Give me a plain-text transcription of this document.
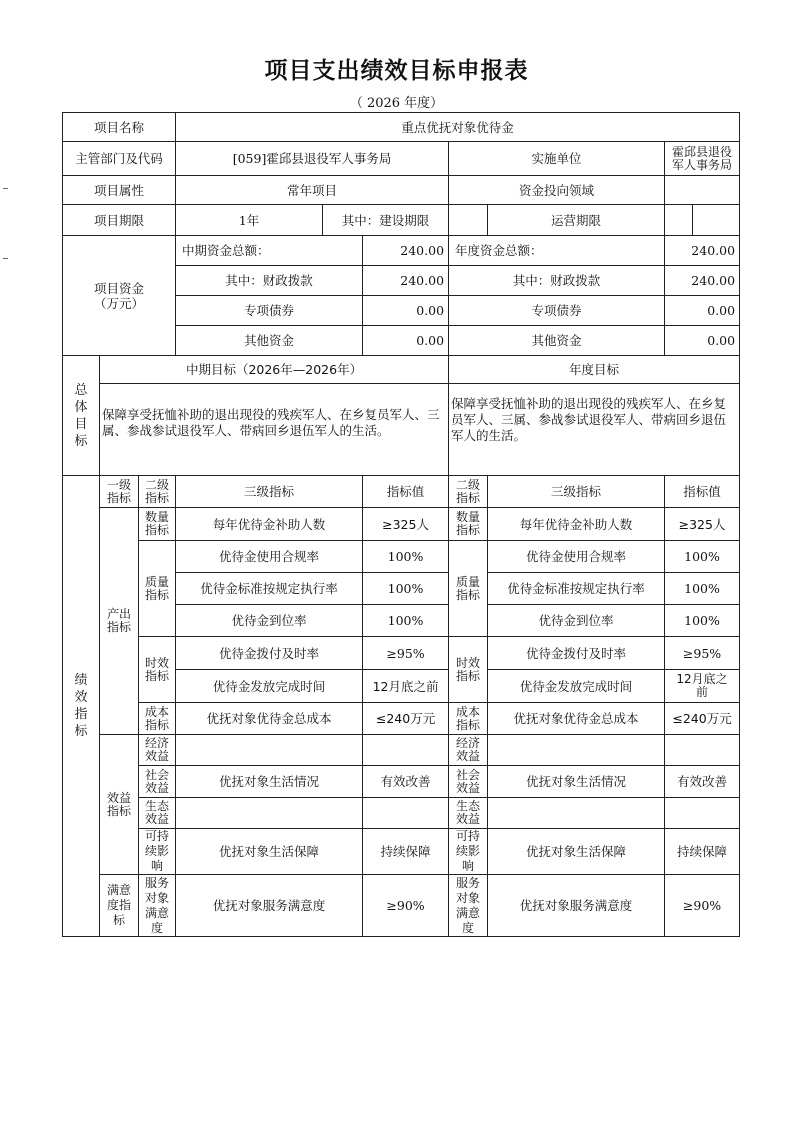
项目支出绩效目标申报表
（ 2026 年度）
项目名称			重点优抚对象优待金				
主管部门及代码			[059]霍邱县退役军人事务局		实施单位		霍邱县退役军人事务局
项目属性			常年项目		资金投向领域		
项目期限			1年 其中：建设期限			运营期限	

项目资金
（万元）			中期资金总额：	240.00	年度资金总额：		240.00
			其中：财政拨款	240.00	其中：财政拨款		240.00
			专项债券	0.00	专项债券		0.00
			其他资金	0.00	其他资金		0.00

总体目标	中期目标（2026年—2026年）				年度目标		
	保障享受抚恤补助的退出现役的残疾军人、在乡复员军人、三属、参战参试退役军人、带病回乡退伍军人的生活。				保障享受抚恤补助的退出现役的残疾军人、在乡复员军人、三属、参战参试退役军人、带病回乡退伍军人的生活。		

绩效指标	一级指标	二级指标	三级指标	指标值	二级指标	三级指标	指标值

	产出指标	数量指标	每年优待金补助人数	≥325人	数量指标	每年优待金补助人数	≥325人

		质量指标	优待金使用合规率	100%	质量指标	优待金使用合规率	100%
			优待金标准按规定执行率	100%		优待金标准按规定执行率	100%
			优待金到位率	100%		优待金到位率	100%

		时效指标	优待金拨付及时率	≥95%	时效指标	优待金拨付及时率	≥95%
			优待金发放完成时间	12月底之前		优待金发放完成时间	12月底之前

		成本指标	优抚对象优待金总成本	≤240万元	成本指标	优抚对象优待金总成本	≤240万元

	效益指标	经济效益			经济效益		

		社会效益	优抚对象生活情况	有效改善	社会效益	优抚对象生活情况	有效改善

		生态效益			生态效益		

		可持续影响	优抚对象生活保障	持续保障	可持续影响	优抚对象生活保障	持续保障

	满意度指标	服务对象满意度	优抚对象服务满意度	≥90%	服务对象满意度	优抚对象服务满意度	≥90%
